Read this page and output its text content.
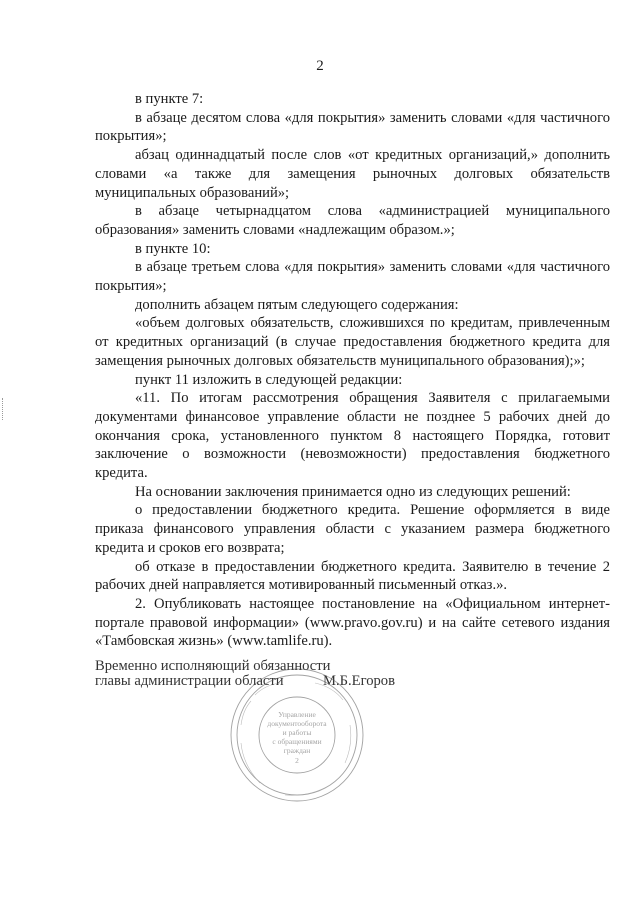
2

в пункте 7:

в абзаце десятом слова «для покрытия» заменить словами «для частичного покрытия»;

абзац одиннадцатый после слов «от кредитных организаций,» дополнить словами «а также для замещения рыночных долговых обязательств муниципальных образований»;

в абзаце четырнадцатом слова «администрацией муниципального образования» заменить словами «надлежащим образом.»;

в пункте 10:

в абзаце третьем слова «для покрытия» заменить словами «для частичного покрытия»;

дополнить абзацем пятым следующего содержания:

«объем долговых обязательств, сложившихся по кредитам, привлеченным от кредитных организаций (в случае предоставления бюджетного кредита для замещения рыночных долговых обязательств муниципального образования);»;

пункт 11 изложить в следующей редакции:

«11. По итогам рассмотрения обращения Заявителя с прилагаемыми документами финансовое управление области не позднее 5 рабочих дней до окончания срока, установленного пунктом 8 настоящего Порядка, готовит заключение о возможности (невозможности) предоставления бюджетного кредита.

На основании заключения принимается одно из следующих решений:

о предоставлении бюджетного кредита. Решение оформляется в виде приказа финансового управления области с указанием размера бюджетного кредита и сроков его возврата;

об отказе в предоставлении бюджетного кредита. Заявителю в течение 2 рабочих дней направляется мотивированный письменный отказ.».

2. Опубликовать настоящее постановление на «Официальном интернет-портале правовой информации» (www.pravo.gov.ru) и на сайте сетевого издания «Тамбовская жизнь» (www.tamlife.ru).

Временно исполняющий обязанности
главы администрации области	М.Б.Егоров
Управление
документооборота
и работы
с обращениями
граждан
2
